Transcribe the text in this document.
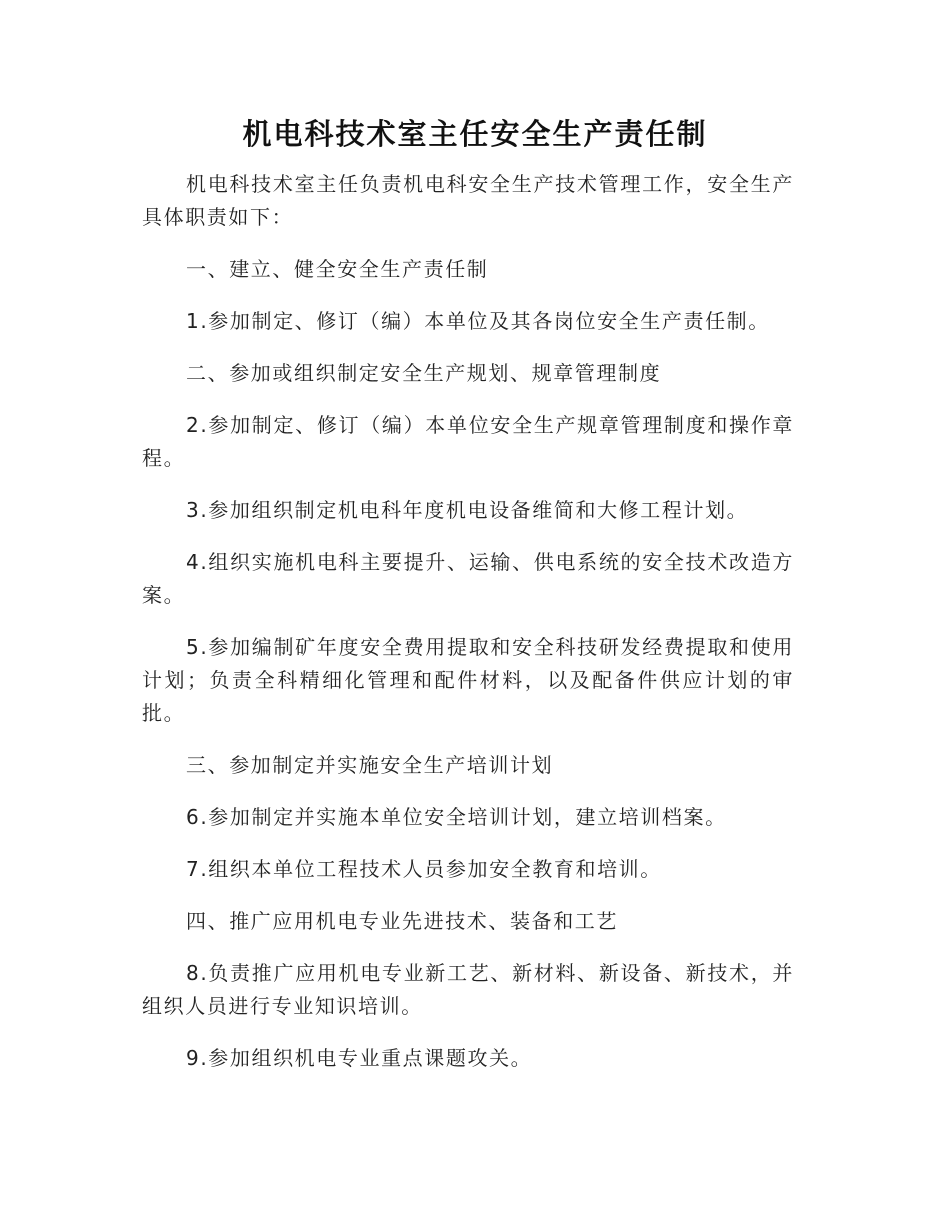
机电科技术室主任安全生产责任制

机电科技术室主任负责机电科安全生产技术管理工作，安全生产具体职责如下：

一、建立、健全安全生产责任制

1.参加制定、修订（编）本单位及其各岗位安全生产责任制。

二、参加或组织制定安全生产规划、规章管理制度

2.参加制定、修订（编）本单位安全生产规章管理制度和操作章程。

3.参加组织制定机电科年度机电设备维简和大修工程计划。

4.组织实施机电科主要提升、运输、供电系统的安全技术改造方案。

5.参加编制矿年度安全费用提取和安全科技研发经费提取和使用计划；负责全科精细化管理和配件材料，以及配备件供应计划的审批。

三、参加制定并实施安全生产培训计划

6.参加制定并实施本单位安全培训计划，建立培训档案。

7.组织本单位工程技术人员参加安全教育和培训。

四、推广应用机电专业先进技术、装备和工艺

8.负责推广应用机电专业新工艺、新材料、新设备、新技术，并组织人员进行专业知识培训。

9.参加组织机电专业重点课题攻关。
